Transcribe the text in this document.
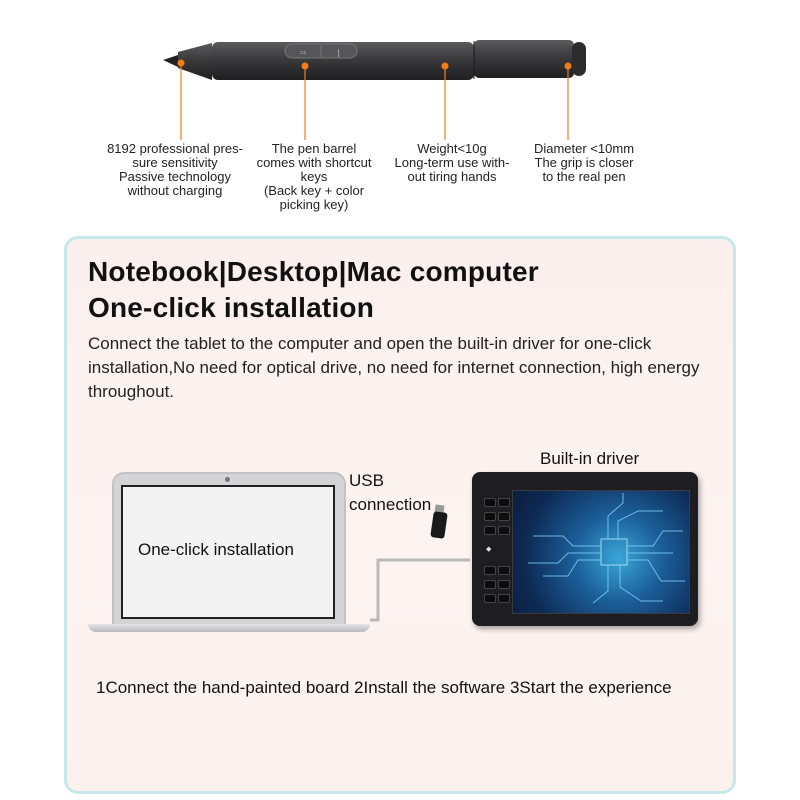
⇨	|
8192 professional pres-
sure sensitivity
Passive technology
without charging
The pen barrel
comes with shortcut
keys
(Back key + color
picking key)
Weight<10g
Long-term use with-
out tiring hands
Diameter <10mm
The grip is closer
to the real pen
Notebook|Desktop|Mac computer
One-click installation
Connect the tablet to the computer and open the built-in driver for one-click installation,No need for optical drive, no need for internet connection, high energy throughout.
One-click installation
USB
connection
Built-in driver
◆
1Connect the hand-painted board 2Install the software 3Start the experience
